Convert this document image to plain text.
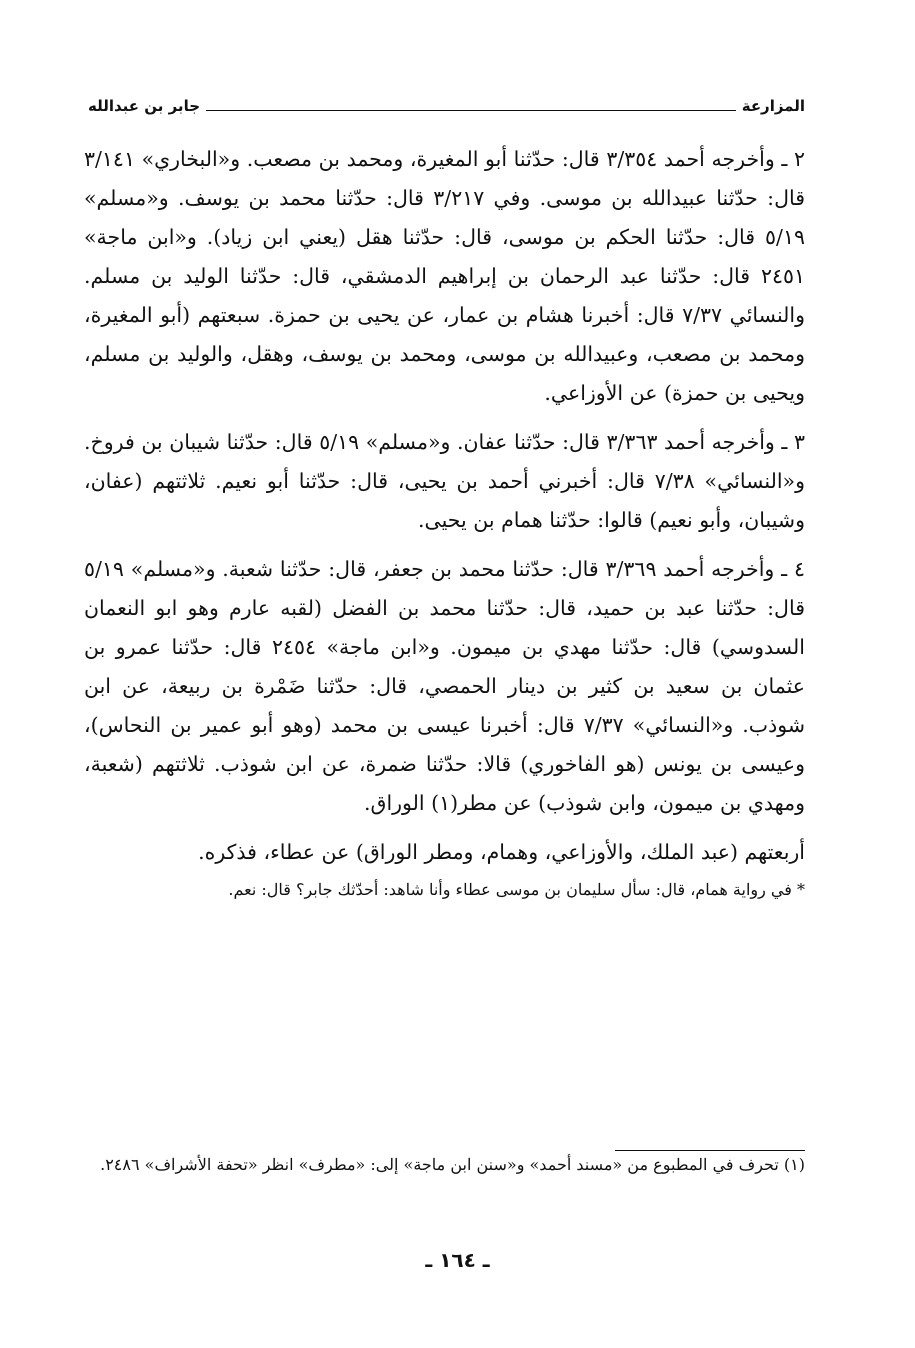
المزارعة
جابر بن عبدالله

٢ ـ وأخرجه أحمد ٣/٣٥٤ قال: حدّثنا أبو المغيرة، ومحمد بن مصعب. و«البخاري» ٣/١٤١ قال: حدّثنا عبيدالله بن موسى. وفي ٣/٢١٧ قال: حدّثنا محمد بن يوسف. و«مسلم» ٥/١٩ قال: حدّثنا الحكم بن موسى، قال: حدّثنا هقل (يعني ابن زياد). و«ابن ماجة» ٢٤٥١ قال: حدّثنا عبد الرحمان بن إبراهيم الدمشقي، قال: حدّثنا الوليد بن مسلم. والنسائي ٧/٣٧ قال: أخبرنا هشام بن عمار، عن يحيى بن حمزة. سبعتهم (أبو المغيرة، ومحمد بن مصعب، وعبيدالله بن موسى، ومحمد بن يوسف، وهقل، والوليد بن مسلم، ويحيى بن حمزة) عن الأوزاعي.

٣ ـ وأخرجه أحمد ٣/٣٦٣ قال: حدّثنا عفان. و«مسلم» ٥/١٩ قال: حدّثنا شيبان بن فروخ. و«النسائي» ٧/٣٨ قال: أخبرني أحمد بن يحيى، قال: حدّثنا أبو نعيم. ثلاثتهم (عفان، وشيبان، وأبو نعيم) قالوا: حدّثنا همام بن يحيى.

٤ ـ وأخرجه أحمد ٣/٣٦٩ قال: حدّثنا محمد بن جعفر، قال: حدّثنا شعبة. و«مسلم» ٥/١٩ قال: حدّثنا عبد بن حميد، قال: حدّثنا محمد بن الفضل (لقبه عارم وهو ابو النعمان السدوسي) قال: حدّثنا مهدي بن ميمون. و«ابن ماجة» ٢٤٥٤ قال: حدّثنا عمرو بن عثمان بن سعيد بن كثير بن دينار الحمصي، قال: حدّثنا ضَمْرة بن ربيعة، عن ابن شوذب. و«النسائي» ٧/٣٧ قال: أخبرنا عيسى بن محمد (وهو أبو عمير بن النحاس)، وعيسى بن يونس (هو الفاخوري) قالا: حدّثنا ضمرة، عن ابن شوذب. ثلاثتهم (شعبة، ومهدي بن ميمون، وابن شوذب) عن مطر(١) الوراق.

أربعتهم (عبد الملك، والأوزاعي، وهمام، ومطر الوراق) عن عطاء، فذكره.

* في رواية همام، قال: سأل سليمان بن موسى عطاء وأنا شاهد: أحدّثك جابر؟ قال: نعم.

(١) تحرف في المطبوع من «مسند أحمد» و«سنن ابن ماجة» إلى: «مطرف» انظر «تحفة الأشراف» ٢٤٨٦.
ـ ١٦٤ ـ
